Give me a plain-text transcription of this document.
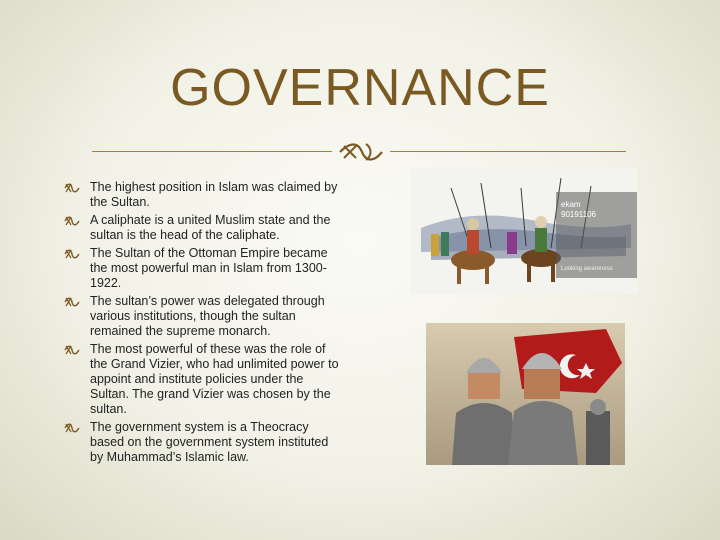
GOVERNANCE
The highest position in Islam was claimed by the Sultan.
A caliphate is a united Muslim state and the sultan is the head of the caliphate.
The Sultan of the Ottoman Empire became the most powerful man in Islam from 1300-1922.
The sultan’s power was delegated through various institutions, though the sultan remained the supreme monarch.
The most powerful of these was the role of the Grand Vizier, who had unlimited power to appoint and institute policies under the Sultan. The grand Vizier was chosen by the sultan.
The government system is a Theocracy based on the government system instituted by Muhammad’s Islamic law.
ekam
90191106
Looking awareness
